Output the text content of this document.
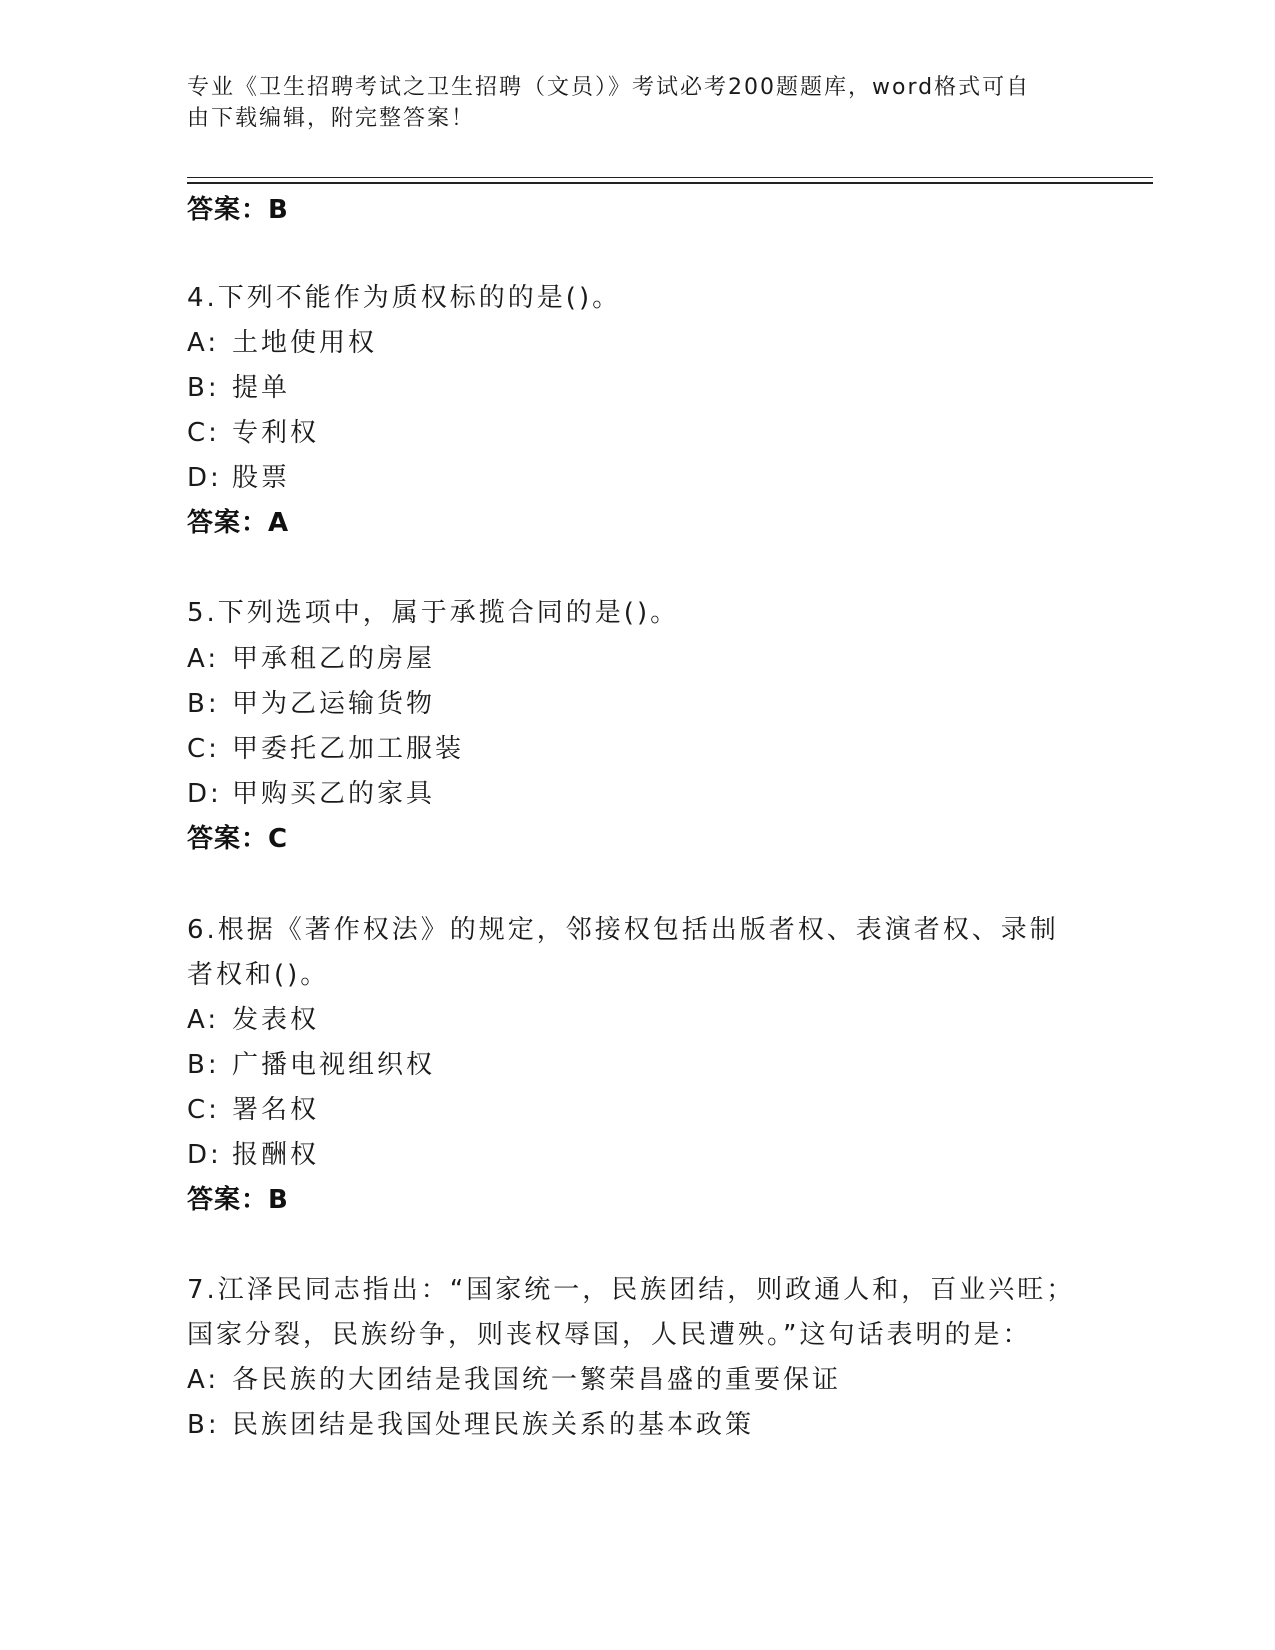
专业《卫生招聘考试之卫生招聘（文员）》考试必考200题题库，word格式可自
由下载编辑，附完整答案！
答案：B
4.下列不能作为质权标的的是()。
A: 土地使用权
B: 提单
C: 专利权
D: 股票
答案：A
5.下列选项中，属于承揽合同的是()。
A: 甲承租乙的房屋
B: 甲为乙运输货物
C: 甲委托乙加工服装
D: 甲购买乙的家具
答案：C
6.根据《著作权法》的规定，邻接权包括出版者权、表演者权、录制
者权和()。
A: 发表权
B: 广播电视组织权
C: 署名权
D: 报酬权
答案：B
7.江泽民同志指出：“国家统一，民族团结，则政通人和，百业兴旺；
国家分裂，民族纷争，则丧权辱国，人民遭殃。”这句话表明的是：
A: 各民族的大团结是我国统一繁荣昌盛的重要保证
B: 民族团结是我国处理民族关系的基本政策
